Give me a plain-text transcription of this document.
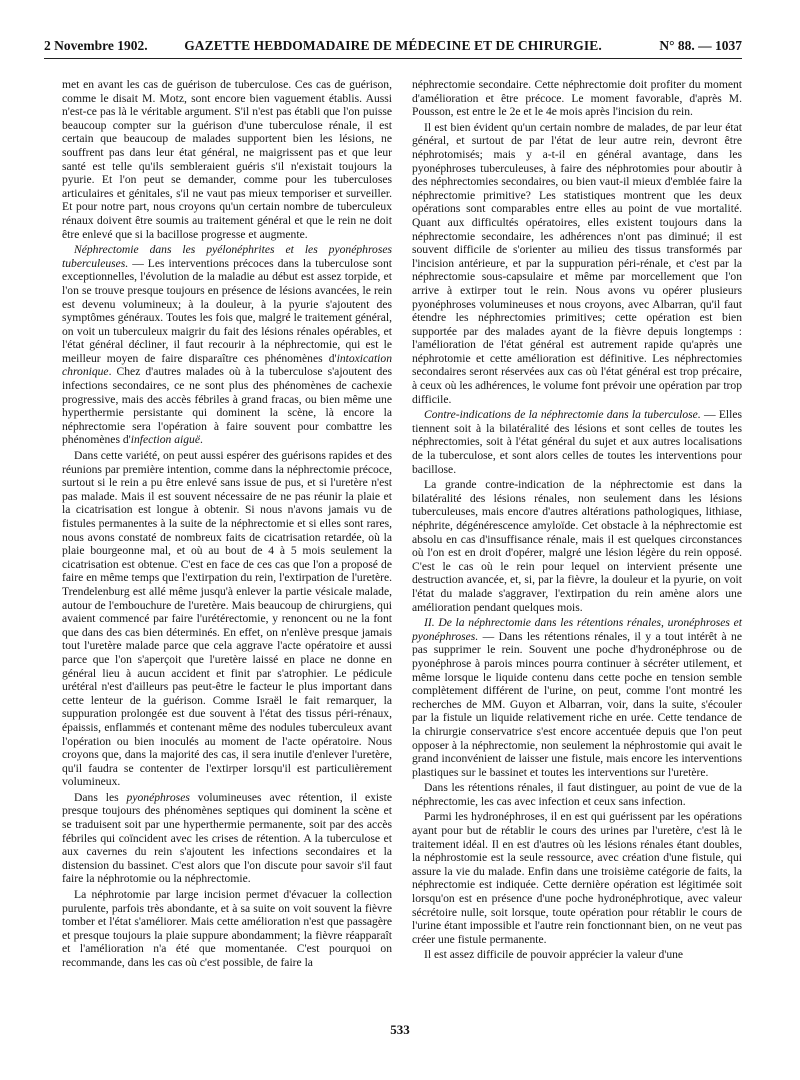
2 Novembre 1902.	GAZETTE HEBDOMADAIRE DE MÉDECINE ET DE CHIRURGIE.	N° 88. — 1037

met en avant les cas de guérison de tuberculose. Ces cas de guérison, comme le disait M. Motz, sont encore bien vaguement établis. Aussi n'est-ce pas là le véritable argument. S'il n'est pas établi que l'on puisse beaucoup compter sur la guérison d'une tuberculose rénale, il est certain que beaucoup de malades supportent bien les lésions, ne souffrent pas dans leur état général, ne maigrissent pas et que leur santé est telle qu'ils sembleraient guéris s'il n'existait toujours la pyurie. Et l'on peut se demander, comme pour les tuberculoses articulaires et génitales, s'il ne vaut pas mieux temporiser et surveiller. Et pour notre part, nous croyons qu'un certain nombre de tuberculeux rénaux doivent être soumis au traitement général et que le rein ne doit être enlevé que si la bacillose progresse et augmente.

Néphrectomie dans les pyélonéphrites et les pyonéphroses tuberculeuses. — Les interventions précoces dans la tuberculose sont exceptionnelles, l'évolution de la maladie au début est assez torpide, et l'on se trouve presque toujours en présence de lésions avancées, le rein est devenu volumineux; à la douleur, à la pyurie s'ajoutent des symptômes généraux. Toutes les fois que, malgré le traitement général, on voit un tuberculeux maigrir du fait des lésions rénales opérables, et l'état général décliner, il faut recourir à la néphrectomie, qui est le meilleur moyen de faire disparaître ces phénomènes d'intoxication chronique. Chez d'autres malades où à la tuberculose s'ajoutent des infections secondaires, ce ne sont plus des phénomènes de cachexie progressive, mais des accès fébriles à grand fracas, ou bien même une hyperthermie persistante qui dominent la scène, là encore la néphrectomie sera l'opération à faire souvent pour combattre les phénomènes d'infection aiguë.

Dans cette variété, on peut aussi espérer des guérisons rapides et des réunions par première intention, comme dans la néphrectomie précoce, surtout si le rein a pu être enlevé sans issue de pus, et si l'uretère n'est pas malade. Mais il est souvent nécessaire de ne pas réunir la plaie et la cicatrisation est longue à obtenir. Si nous n'avons jamais vu de fistules permanentes à la suite de la néphrectomie et si elles sont rares, nous avons constaté de nombreux faits de cicatrisation retardée, où la plaie bourgeonne mal, et où au bout de 4 à 5 mois seulement la cicatrisation est obtenue. C'est en face de ces cas que l'on a proposé de faire en même temps que l'extirpation du rein, l'extirpation de l'uretère. Trendelenburg est allé même jusqu'à enlever la partie vésicale malade, autour de l'embouchure de l'uretère. Mais beaucoup de chirurgiens, qui avaient commencé par faire l'urétérectomie, y renoncent ou ne la font que dans des cas bien déterminés. En effet, on n'enlève presque jamais tout l'uretère malade parce que cela aggrave l'acte opératoire et aussi parce que l'on s'aperçoit que l'uretère laissé en place ne donne en général lieu à aucun accident et finit par s'atrophier. Le pédicule urétéral n'est d'ailleurs pas peut-être le facteur le plus important dans cette lenteur de la guérison. Comme Israël le fait remarquer, la suppuration prolongée est due souvent à l'état des tissus péri-rénaux, épaissis, enflammés et contenant même des nodules tuberculeux avant l'opération ou bien inoculés au moment de l'acte opératoire. Nous croyons que, dans la majorité des cas, il sera inutile d'enlever l'uretère, qu'il faudra se contenter de l'extirper lorsqu'il est particulièrement volumineux.

Dans les pyonéphroses volumineuses avec rétention, il existe presque toujours des phénomènes septiques qui dominent la scène et se traduisent soit par une hyperthermie permanente, soit par des accès fébriles qui coïncident avec les crises de rétention. A la tuberculose et aux cavernes du rein s'ajoutent les infections secondaires et la distension du bassinet. C'est alors que l'on discute pour savoir s'il faut faire la néphrotomie ou la néphrectomie.

La néphrotomie par large incision permet d'évacuer la collection purulente, parfois très abondante, et à sa suite on voit souvent la fièvre tomber et l'état s'améliorer. Mais cette amélioration n'est que passagère et presque toujours la plaie suppure abondamment; la fièvre réapparaît et l'amélioration n'a été que momentanée. C'est pourquoi on recommande, dans les cas où c'est possible, de faire la

néphrectomie secondaire. Cette néphrectomie doit profiter du moment d'amélioration et être précoce. Le moment favorable, d'après M. Pousson, est entre le 2e et le 4e mois après l'incision du rein.

Il est bien évident qu'un certain nombre de malades, de par leur état général, et surtout de par l'état de leur autre rein, devront être néphrotomisés; mais y a-t-il en général avantage, dans les pyonéphroses tuberculeuses, à faire des néphrotomies pour aboutir à des néphrectomies secondaires, ou bien vaut-il mieux d'emblée faire la néphrectomie primitive? Les statistiques montrent que les deux opérations sont comparables entre elles au point de vue mortalité. Quant aux difficultés opératoires, elles existent toujours dans la néphrectomie secondaire, les adhérences n'ont pas diminué; il est souvent difficile de s'orienter au milieu des tissus transformés par l'incision antérieure, et par la suppuration péri-rénale, et c'est par la néphrectomie sous-capsulaire et même par morcellement que l'on arrive à extirper tout le rein. Nous avons vu opérer plusieurs pyonéphroses volumineuses et nous croyons, avec Albarran, qu'il faut étendre les néphrectomies primitives; cette opération est bien supportée par des malades ayant de la fièvre depuis longtemps : l'amélioration de l'état général est autrement rapide qu'après une néphrotomie et cette amélioration est définitive. Les néphrectomies secondaires seront réservées aux cas où l'état général est trop précaire, à ceux où les adhérences, le volume font prévoir une opération par trop difficile.

Contre-indications de la néphrectomie dans la tuberculose. — Elles tiennent soit à la bilatéralité des lésions et sont celles de toutes les néphrectomies, soit à l'état général du sujet et aux autres localisations de la tuberculose, et sont alors celles de toutes les interventions pour bacillose.

La grande contre-indication de la néphrectomie est dans la bilatéralité des lésions rénales, non seulement dans les lésions tuberculeuses, mais encore d'autres altérations pathologiques, lithiase, néphrite, dégénérescence amyloïde. Cet obstacle à la néphrectomie est absolu en cas d'insuffisance rénale, mais il est quelques circonstances où l'on est en droit d'opérer, malgré une lésion légère du rein opposé. C'est le cas où le rein pour lequel on intervient présente une destruction avancée, et, si, par la fièvre, la douleur et la pyurie, on voit l'état du malade s'aggraver, l'extirpation du rein amène alors une amélioration pendant quelques mois.

II. De la néphrectomie dans les rétentions rénales, uronéphroses et pyonéphroses. — Dans les rétentions rénales, il y a tout intérêt à ne pas supprimer le rein. Souvent une poche d'hydronéphrose ou de pyonéphrose à parois minces pourra continuer à sécréter utilement, et même lorsque le liquide contenu dans cette poche en tension semble complètement différent de l'urine, on peut, comme l'ont montré les recherches de MM. Guyon et Albarran, voir, dans la suite, s'écouler par la fistule un liquide relativement riche en urée. Cette tendance de la chirurgie conservatrice s'est encore accentuée depuis que l'on peut opposer à la néphrectomie, non seulement la néphrostomie qui avait le grand inconvénient de laisser une fistule, mais encore les interventions plastiques sur le bassinet et toutes les interventions sur l'uretère.

Dans les rétentions rénales, il faut distinguer, au point de vue de la néphrectomie, les cas avec infection et ceux sans infection.

Parmi les hydronéphroses, il en est qui guérissent par les opérations ayant pour but de rétablir le cours des urines par l'uretère, c'est là le traitement idéal. Il en est d'autres où les lésions rénales étant doubles, la néphrostomie est la seule ressource, avec création d'une fistule, qui assure la vie du malade. Enfin dans une troisième catégorie de faits, la néphrectomie est indiquée. Cette dernière opération est légitimée soit lorsqu'on est en présence d'une poche hydronéphrotique, avec valeur sécrétoire nulle, soit lorsque, toute opération pour rétablir le cours de l'urine étant impossible et l'autre rein fonctionnant bien, on ne veut pas créer une fistule permanente.

Il est assez difficile de pouvoir apprécier la valeur d'une

533
